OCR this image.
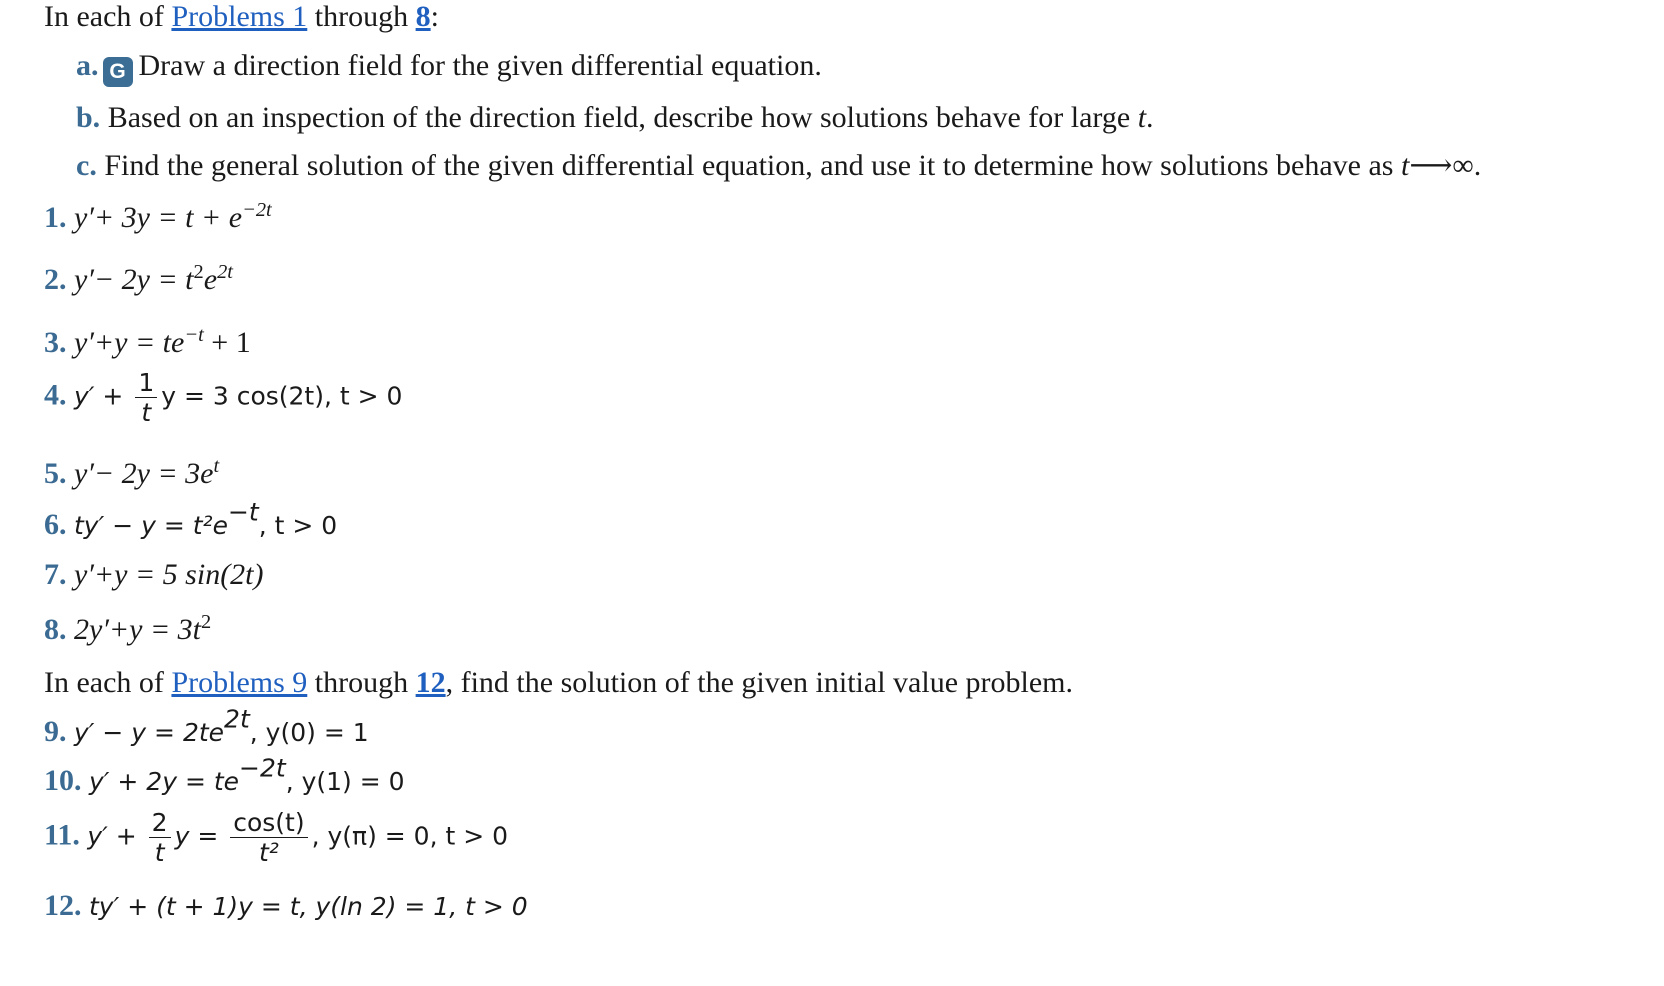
In each of Problems 1 through 8:
a. G Draw a direction field for the given differential equation.
b. Based on an inspection of the direction field, describe how solutions behave for large t.
c. Find the general solution of the given differential equation, and use it to determine how solutions behave as t⟶∞.
1. $y'+ 3y = t + e^{-2t}$
2. $y'- 2y = t^2e^{2t}$
3. $y'+y = te^{-t} + 1$
4. $y' + \frac{1}{t}$ y = 3 cos(2t), t > 0
5. $y'- 2y = 3e^t$
6. $ty' - y = t^2e^{-t}$, t > 0
7. y′+y = 5 sin(2t)
8. $2y'+y = 3t^2$
In each of Problems 9 through 12, find the solution of the given initial value problem.
9. $y' - y = 2te^{2t}$, y(0) = 1
10. $y' + 2y = te^{-2t}$, y(1) = 0
11. $y' + \frac{2}{t}$ $y = \frac{\cos(t)}{\text{t²}}$ , y(π) = 0, t > 0
12. ty′ + (t + 1)y = t, y(ln 2) = 1, t > 0
